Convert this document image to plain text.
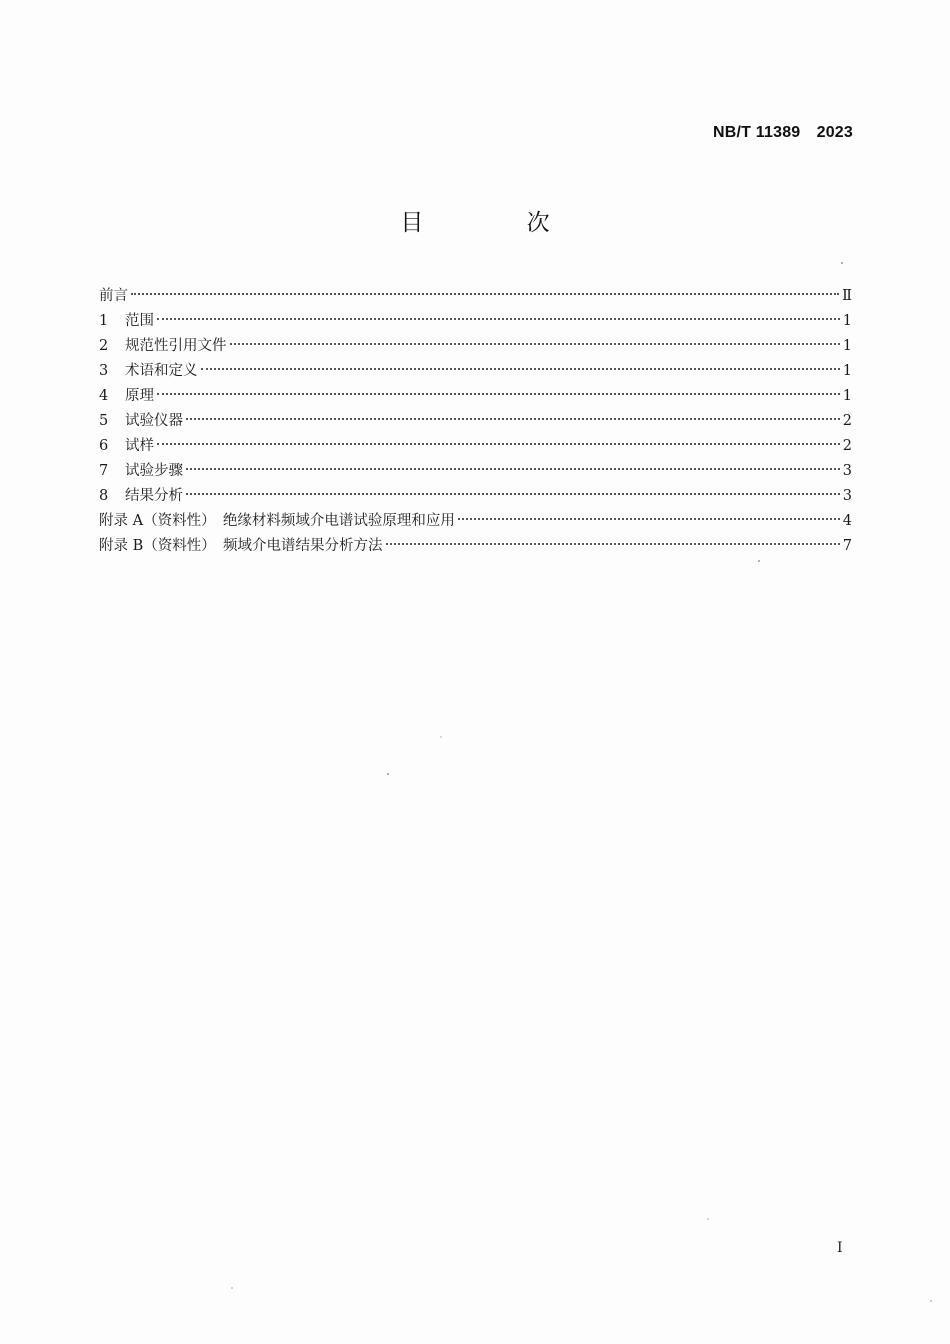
NB/T 11389 2023
目 次
前言	Ⅱ
1	范围	1
2	规范性引用文件	1
3	术语和定义	1
4	原理	1
5	试验仪器	2
6	试样	2
7	试验步骤	3
8	结果分析	3
附录 A（资料性）　绝缘材料频域介电谱试验原理和应用	4
附录 B（资料性）　频域介电谱结果分析方法	7
I
